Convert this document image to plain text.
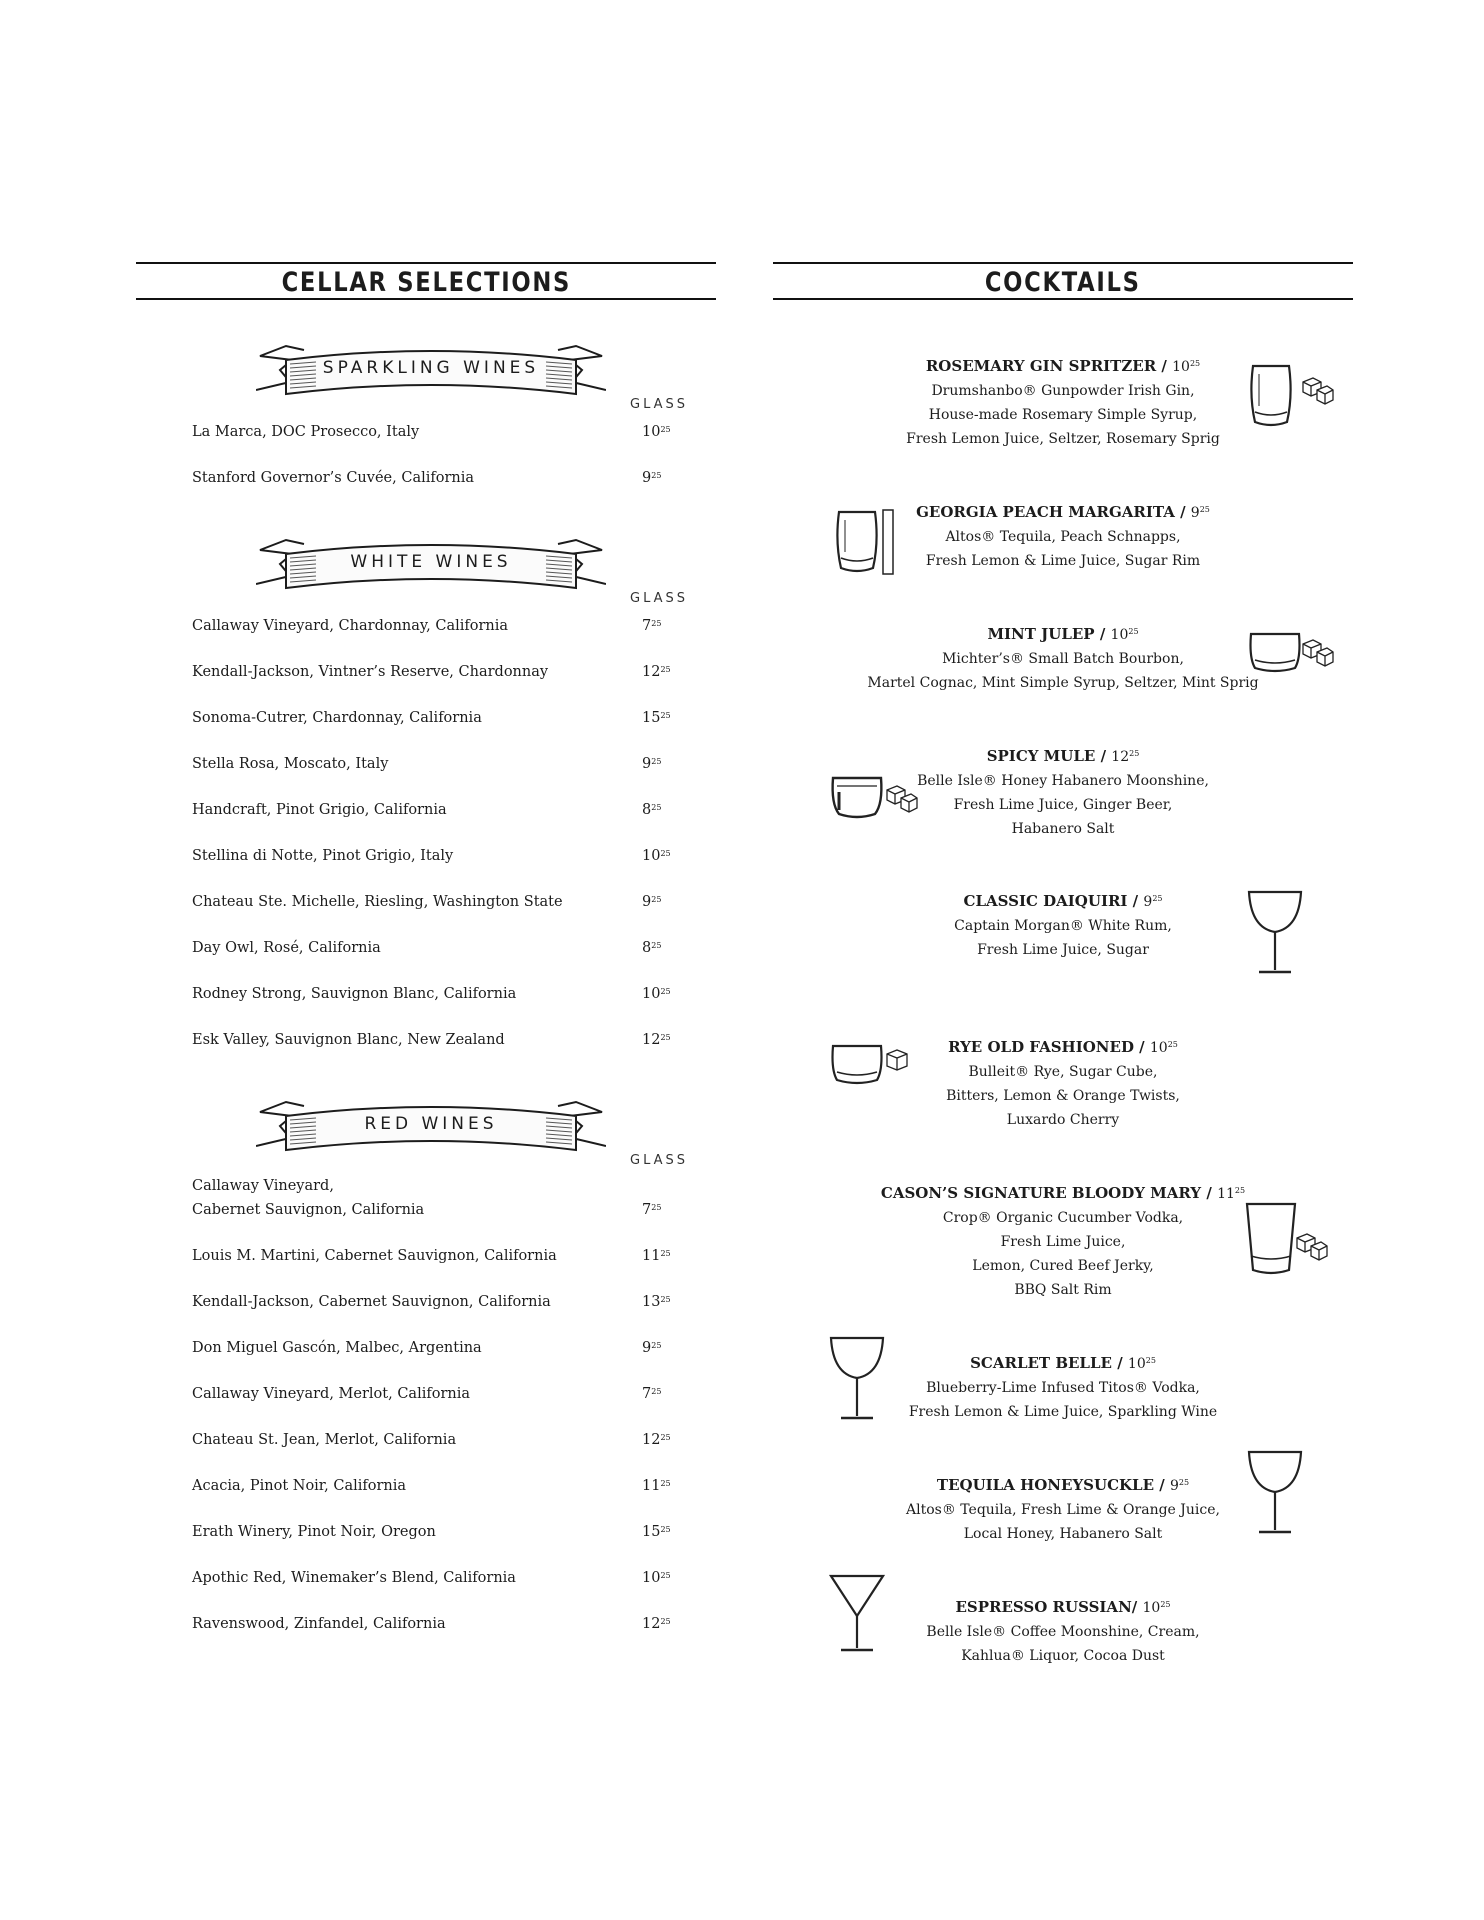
CELLAR SELECTIONS
SPARKLING WINES
GLASS
La Marca, DOC Prosecco, Italy	$10^{25}$
Stanford Governor’s Cuvée, California	$9^{25}$
WHITE WINES
GLASS
Callaway Vineyard, Chardonnay, California	$7^{25}$
Kendall-Jackson, Vintner’s Reserve, Chardonnay	$12^{25}$
Sonoma-Cutrer, Chardonnay, California	$15^{25}$
Stella Rosa, Moscato, Italy	$9^{25}$
Handcraft, Pinot Grigio, California	$8^{25}$
Stellina di Notte, Pinot Grigio, Italy	$10^{25}$
Chateau Ste. Michelle, Riesling, Washington State	$9^{25}$
Day Owl, Rosé, California	$8^{25}$
Rodney Strong, Sauvignon Blanc, California	$10^{25}$
Esk Valley, Sauvignon Blanc, New Zealand	$12^{25}$
RED WINES
GLASS
Callaway Vineyard,
Cabernet Sauvignon, California	$7^{25}$
Louis M. Martini, Cabernet Sauvignon, California	$11^{25}$
Kendall-Jackson, Cabernet Sauvignon, California	$13^{25}$
Don Miguel Gascón, Malbec, Argentina	$9^{25}$
Callaway Vineyard, Merlot, California	$7^{25}$
Chateau St. Jean, Merlot, California	$12^{25}$
Acacia, Pinot Noir, California	$11^{25}$
Erath Winery, Pinot Noir, Oregon	$15^{25}$
Apothic Red, Winemaker’s Blend, California	$10^{25}$
Ravenswood, Zinfandel, California	$12^{25}$
COCKTAILS
ROSEMARY GIN SPRITZER / $10^{25}$
Drumshanbo® Gunpowder Irish Gin,
House-made Rosemary Simple Syrup,
Fresh Lemon Juice, Seltzer, Rosemary Sprig
GEORGIA PEACH MARGARITA / $9^{25}$
Altos® Tequila, Peach Schnapps,
Fresh Lemon & Lime Juice, Sugar Rim
MINT JULEP / $10^{25}$
Michter’s® Small Batch Bourbon,
Martel Cognac, Mint Simple Syrup, Seltzer, Mint Sprig
SPICY MULE / $12^{25}$
Belle Isle® Honey Habanero Moonshine,
Fresh Lime Juice, Ginger Beer,
Habanero Salt
CLASSIC DAIQUIRI / $9^{25}$
Captain Morgan® White Rum,
Fresh Lime Juice, Sugar
RYE OLD FASHIONED / $10^{25}$
Bulleit® Rye, Sugar Cube,
Bitters, Lemon & Orange Twists,
Luxardo Cherry
CASON’S SIGNATURE BLOODY MARY / $11^{25}$
Crop® Organic Cucumber Vodka,
Fresh Lime Juice,
Lemon, Cured Beef Jerky,
BBQ Salt Rim
SCARLET BELLE / $10^{25}$
Blueberry-Lime Infused Titos® Vodka,
Fresh Lemon & Lime Juice, Sparkling Wine
TEQUILA HONEYSUCKLE / $9^{25}$
Altos® Tequila, Fresh Lime & Orange Juice,
Local Honey, Habanero Salt
ESPRESSO RUSSIAN/ $10^{25}$
Belle Isle® Coffee Moonshine, Cream,
Kahlua® Liquor, Cocoa Dust
